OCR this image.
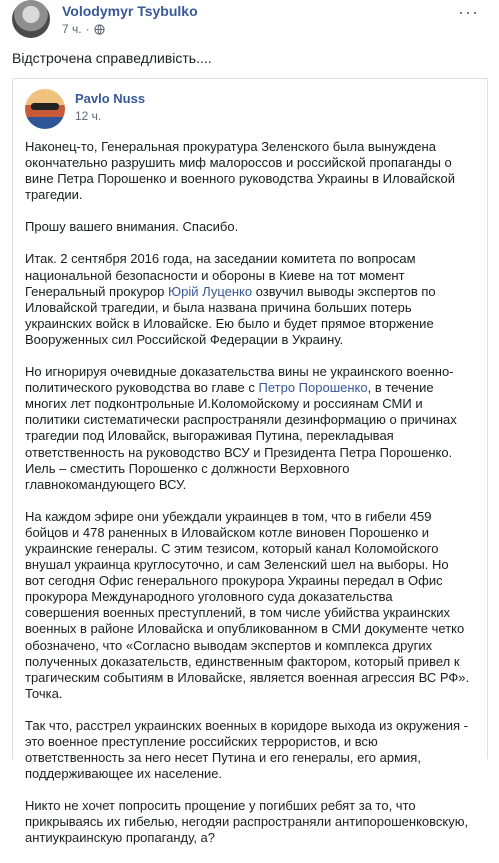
Volodymyr Tsybulko
7 ч. ·
···
Відстрочена справедливість....
Pavlo Nuss
12 ч.

Наконец-то, Генеральная прокуратура Зеленского была вынуждена окончательно разрушить миф малороссов и российской пропаганды о вине Петра Порошенко и военного руководства Украины в Иловайской трагедии.

Прошу вашего внимания. Спасибо.

Итак. 2 сентября 2016 года, на заседании комитета по вопросам национальной безопасности и обороны в Киеве на тот момент Генеральный прокурор Юрій Луценко озвучил выводы экспертов по Иловайской трагедии, и была названа причина больших потерь украинских войск в Иловайске. Ею было и будет прямое вторжение Вооруженных сил Российской Федерации в Украину.

Но игнорируя очевидные доказательства вины не украинского военно-политического руководства во главе с Петро Порошенко, в течение многих лет подконтрольные И.Коломойскому и россиянам СМИ и политики систематически распространяли дезинформацию о причинах трагедии под Иловайск, выгораживая Путина, перекладывая ответственность на руководство ВСУ и Президента Петра Порошенко. Иель – сместить Порошенко с должности Верховного главнокомандующего ВСУ.

На каждом эфире они убеждали украинцев в том, что в гибели 459 бойцов и 478 раненных в Иловайском котле виновен Порошенко и украинские генералы. С этим тезисом, который канал Коломойского внушал украинца круглосуточно, и сам Зеленский шел на выборы. Но вот сегодня Офис генерального прокурора Украины передал в Офис прокурора Международного уголовного суда доказательства совершения военных преступлений, в том числе убийства украинских военных в районе Иловайска и опубликованном в СМИ документе четко обозначено, что «Согласно выводам экспертов и комплекса других полученных доказательств, единственным фактором, который привел к трагическим событиям в Иловайске, является военная агрессия ВС РФ». Точка.

Так что, расстрел украинских военных в коридоре выхода из окружения - это военное преступление российских террористов, и всю ответственность за него несет Путина и его генералы, его армия, поддерживающее их население.

Никто не хочет попросить прощение у погибших ребят за то, что прикрываясь их гибелью, негодяи распространяли антипорошенковскую, антиукраинскую пропаганду, а?
